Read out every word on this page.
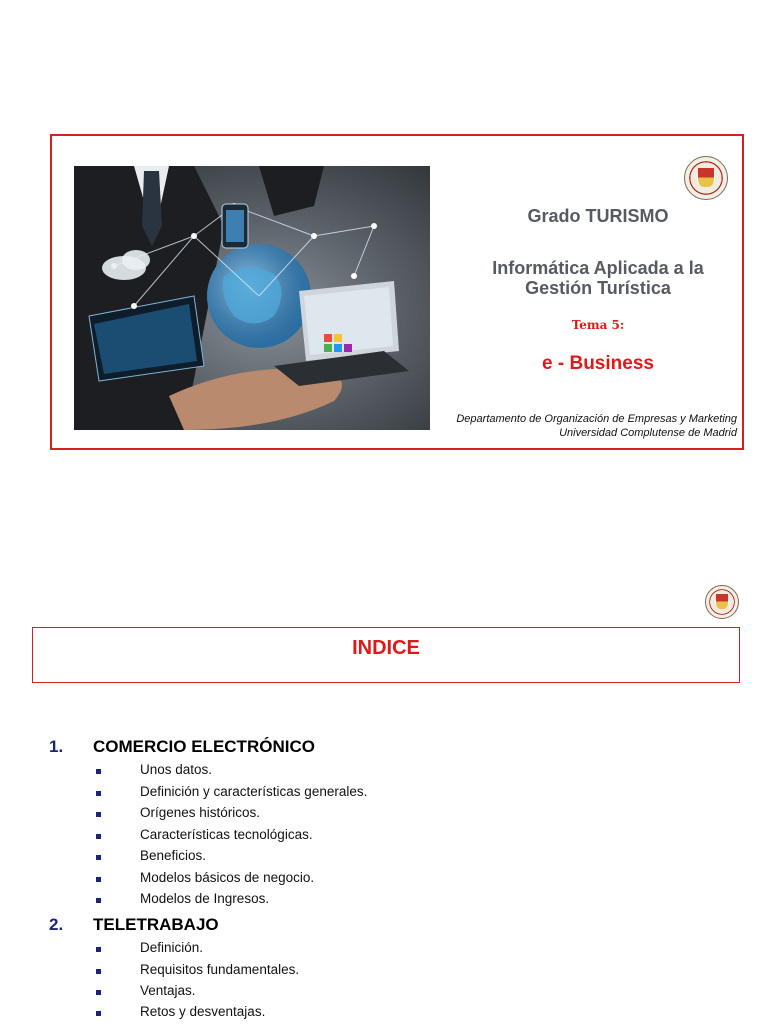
Grado TURISMO
Informática Aplicada a la
Gestión Turística
Tema 5:
e - Business
Departamento de Organización de Empresas y Marketing
Universidad Complutense de Madrid
INDICE
1. COMERCIO ELECTRÓNICO
Unos datos.
Definición y características generales.
Orígenes históricos.
Características tecnológicas.
Beneficios.
Modelos básicos de negocio.
Modelos de Ingresos.
2. TELETRABAJO
Definición.
Requisitos fundamentales.
Ventajas.
Retos y desventajas.
